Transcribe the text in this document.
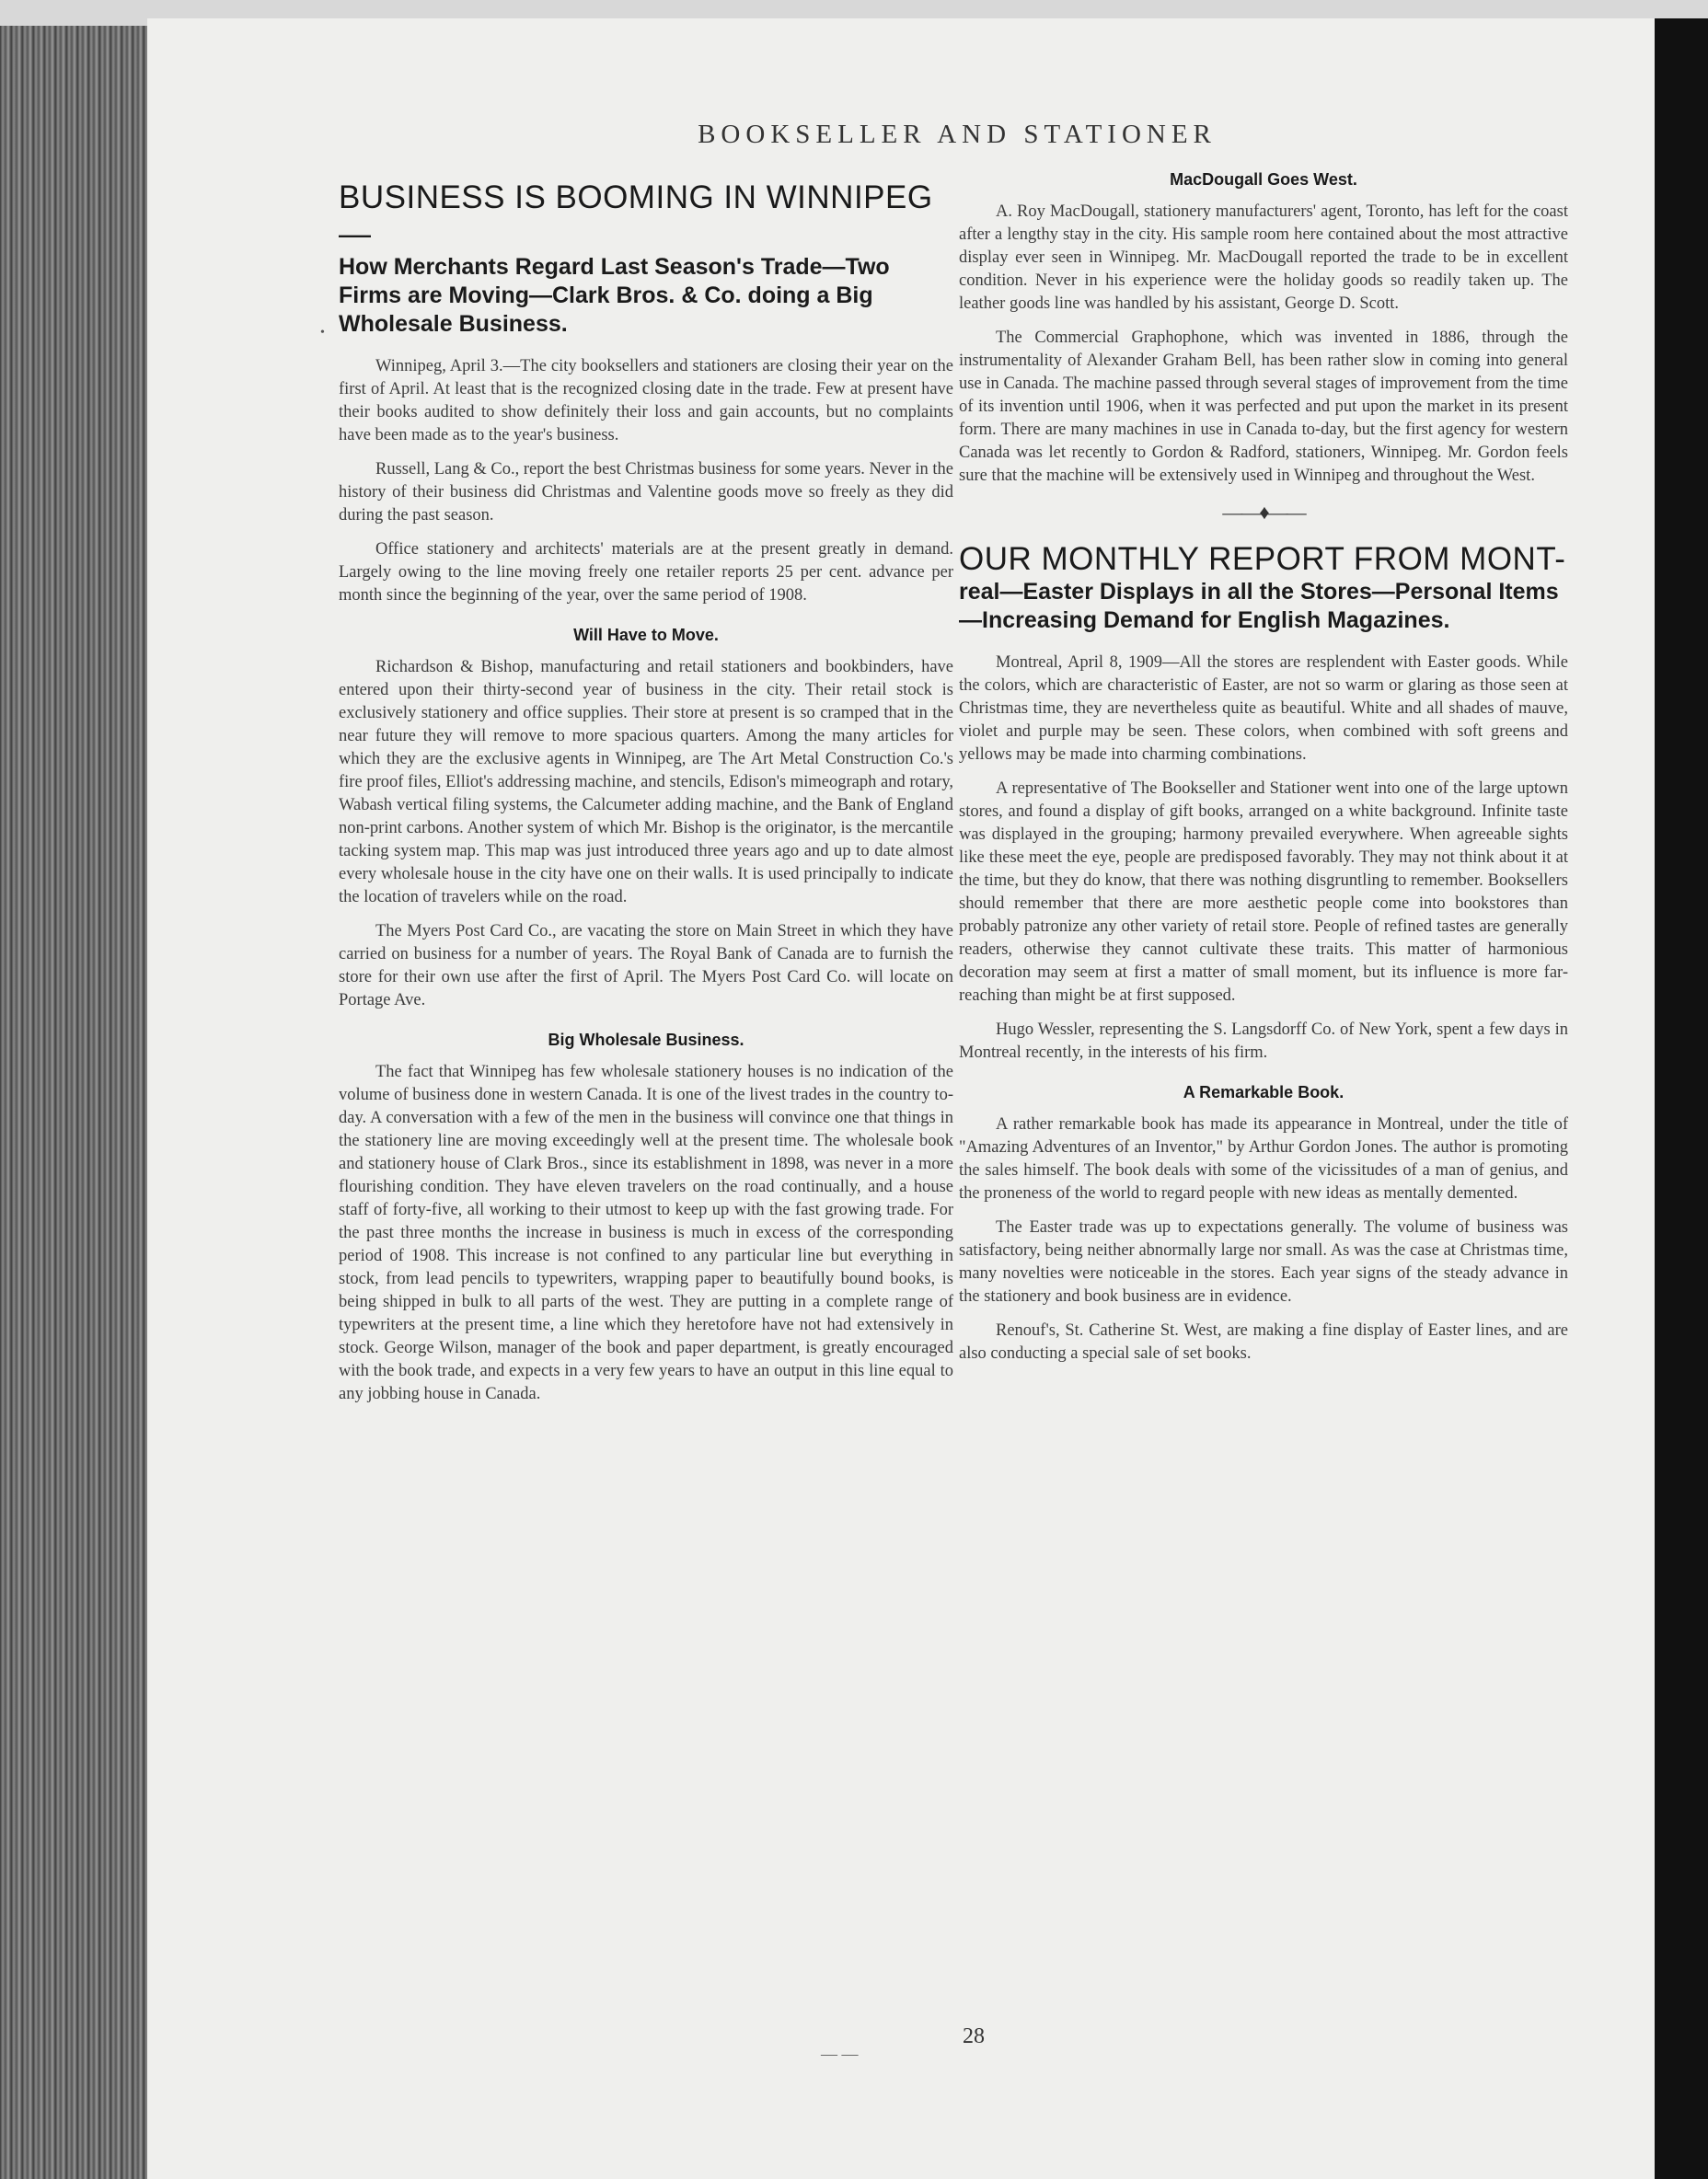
BOOKSELLER AND STATIONER
•
BUSINESS IS BOOMING IN WINNIPEG—
How Merchants Regard Last Season's Trade—Two Firms are Moving—Clark Bros. & Co. doing a Big Wholesale Business.

Winnipeg, April 3.—The city booksellers and stationers are closing their year on the first of April. At least that is the recognized closing date in the trade. Few at present have their books audited to show definitely their loss and gain accounts, but no complaints have been made as to the year's business.

Russell, Lang & Co., report the best Christmas business for some years. Never in the history of their business did Christmas and Valentine goods move so freely as they did during the past season.

Office stationery and architects' materials are at the present greatly in demand. Largely owing to the line moving freely one retailer reports 25 per cent. advance per month since the beginning of the year, over the same period of 1908.

Will Have to Move.

Richardson & Bishop, manufacturing and retail stationers and bookbinders, have entered upon their thirty-second year of business in the city. Their retail stock is exclusively stationery and office supplies. Their store at present is so cramped that in the near future they will remove to more spacious quarters. Among the many articles for which they are the exclusive agents in Winnipeg, are The Art Metal Construction Co.'s fire proof files, Elliot's addressing machine, and stencils, Edison's mimeograph and rotary, Wabash vertical filing systems, the Calcumeter adding machine, and the Bank of England non-print carbons. Another system of which Mr. Bishop is the originator, is the mercantile tacking system map. This map was just introduced three years ago and up to date almost every wholesale house in the city have one on their walls. It is used principally to indicate the location of travelers while on the road.

The Myers Post Card Co., are vacating the store on Main Street in which they have carried on business for a number of years. The Royal Bank of Canada are to furnish the store for their own use after the first of April. The Myers Post Card Co. will locate on Portage Ave.

Big Wholesale Business.

The fact that Winnipeg has few wholesale stationery houses is no indication of the volume of business done in western Canada. It is one of the livest trades in the country to-day. A conversation with a few of the men in the business will convince one that things in the stationery line are moving exceedingly well at the present time. The wholesale book and stationery house of Clark Bros., since its establishment in 1898, was never in a more flourishing condition. They have eleven travelers on the road continually, and a house staff of forty-five, all working to their utmost to keep up with the fast growing trade. For the past three months the increase in business is much in excess of the corresponding period of 1908. This increase is not confined to any particular line but everything in stock, from lead pencils to typewriters, wrapping paper to beautifully bound books, is being shipped in bulk to all parts of the west. They are putting in a complete range of typewriters at the present time, a line which they heretofore have not had extensively in stock. George Wilson, manager of the book and paper department, is greatly encouraged with the book trade, and expects in a very few years to have an output in this line equal to any jobbing house in Canada.

MacDougall Goes West.

A. Roy MacDougall, stationery manufacturers' agent, Toronto, has left for the coast after a lengthy stay in the city. His sample room here contained about the most attractive display ever seen in Winnipeg. Mr. MacDougall reported the trade to be in excellent condition. Never in his experience were the holiday goods so readily taken up. The leather goods line was handled by his assistant, George D. Scott.

The Commercial Graphophone, which was invented in 1886, through the instrumentality of Alexander Graham Bell, has been rather slow in coming into general use in Canada. The machine passed through several stages of improvement from the time of its invention until 1906, when it was perfected and put upon the market in its present form. There are many machines in use in Canada to-day, but the first agency for western Canada was let recently to Gordon & Radford, stationers, Winnipeg. Mr. Gordon feels sure that the machine will be extensively used in Winnipeg and throughout the West.

——♦——
OUR MONTHLY REPORT FROM MONT-
real—Easter Displays in all the Stores—Personal Items—Increasing Demand for English Magazines.

Montreal, April 8, 1909—All the stores are resplendent with Easter goods. While the colors, which are characteristic of Easter, are not so warm or glaring as those seen at Christmas time, they are nevertheless quite as beautiful. White and all shades of mauve, violet and purple may be seen. These colors, when combined with soft greens and yellows may be made into charming combinations.

A representative of The Bookseller and Stationer went into one of the large uptown stores, and found a display of gift books, arranged on a white background. Infinite taste was displayed in the grouping; harmony prevailed everywhere. When agreeable sights like these meet the eye, people are predisposed favorably. They may not think about it at the time, but they do know, that there was nothing disgruntling to remember. Booksellers should remember that there are more aesthetic people come into bookstores than probably patronize any other variety of retail store. People of refined tastes are generally readers, otherwise they cannot cultivate these traits. This matter of harmonious decoration may seem at first a matter of small moment, but its influence is more far-reaching than might be at first supposed.

Hugo Wessler, representing the S. Langsdorff Co. of New York, spent a few days in Montreal recently, in the interests of his firm.

A Remarkable Book.

A rather remarkable book has made its appearance in Montreal, under the title of "Amazing Adventures of an Inventor," by Arthur Gordon Jones. The author is promoting the sales himself. The book deals with some of the vicissitudes of a man of genius, and the proneness of the world to regard people with new ideas as mentally demented.

The Easter trade was up to expectations generally. The volume of business was satisfactory, being neither abnormally large nor small. As was the case at Christmas time, many novelties were noticeable in the stores. Each year signs of the steady advance in the stationery and book business are in evidence.

Renouf's, St. Catherine St. West, are making a fine display of Easter lines, and are also conducting a special sale of set books.

— —
28
